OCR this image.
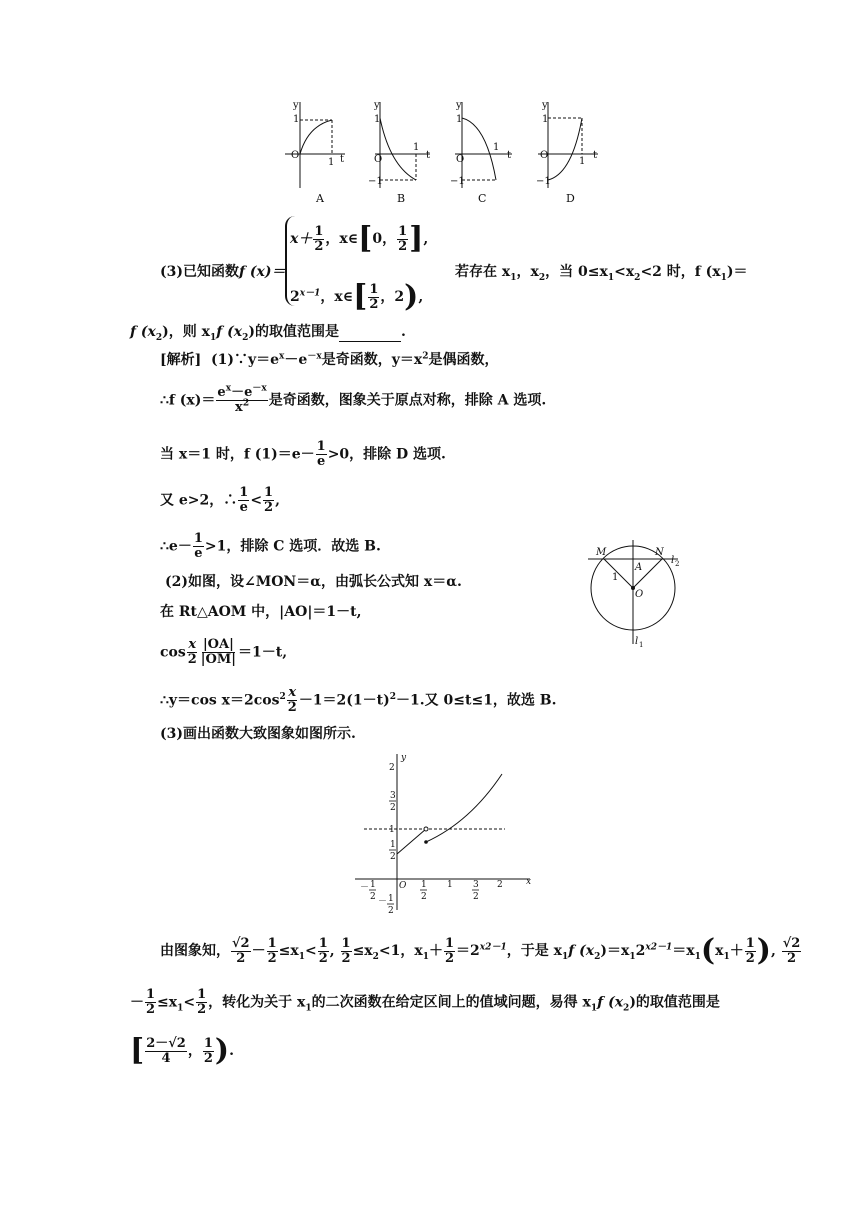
y
1
O
1 t
y
1
O
1
t
−1
y
1
O
1
t
−1
y
1
O
1
t
−1
A	B	C	D
(3)已知函数f (x)＝
$x+ \frac{1}{2}$ ，x∈[0， $\frac{1}{2}$ ],
$2^{x-1}$，x∈[ $\frac{1}{2}$ ，2),
若存在 $x_1$，$x_2$，当 $0\le x_1<x_2<2$ 时，f $(x_1)=$
f $(x_2)$，则 $x_1f$ $(x_2)$的取值范围是	.
[解析] $(1)\because y=e^x-e^{-x}$是奇函数，$y=x^2$是偶函数，
∴f $(x)= \frac{e^x-e^{-x}}{x^2}$ 是奇函数，图象关于原点对称，排除 A 选项.
当 x＝1 时，f $(1)=e- \frac{1}{e} >0$，排除 D 选项.
又 e>2，∴ $\frac{1}{e} < \frac{1}{2}$ ,
∴e－ $\frac{1}{e} >1$，排除 C 选项．故选 B.
(2)如图，设∠MON＝α，由弧长公式知 x＝α.
在 Rt△AOM 中，|AO|＝1－t,
$\cos \frac{x}{2} \frac{|OA|}{|OM|} =1-t$,
∴y＝cos $x=2\cos^2 \frac{x}{2} -1=2(1-t)^2-1$.又 0≤t≤1，故选 B.
M	N
A
O
1
l 2
l 1
(3)画出函数大致图象如图所示.
y
2
3
2
1
1
2
O 1
2
1 3
2
2	x
－ 1
2 － 1
2
由图象知， $\frac{√2}{2} - \frac{1}{2} \le x_1< \frac{1}{2}$ , $\frac{1}{2} \le x_2<1$，$x_1+ \frac{1}{2} =2^{x2-1}$，于是 $x_1f$ $(x_2)=x_12^{x2-1}=x_1(x_1+ \frac{1}{2}$ ), $\frac{√2}{2}$
－ $\frac{1}{2} \le x_1< \frac{1}{2}$ ，转化为关于 $x_1$的二次函数在给定区间上的值域问题，易得 $x_1f$ $(x_2)$的取值范围是
[ $\frac{2-√2}{4}$ ， $\frac{1}{2}$ ).
